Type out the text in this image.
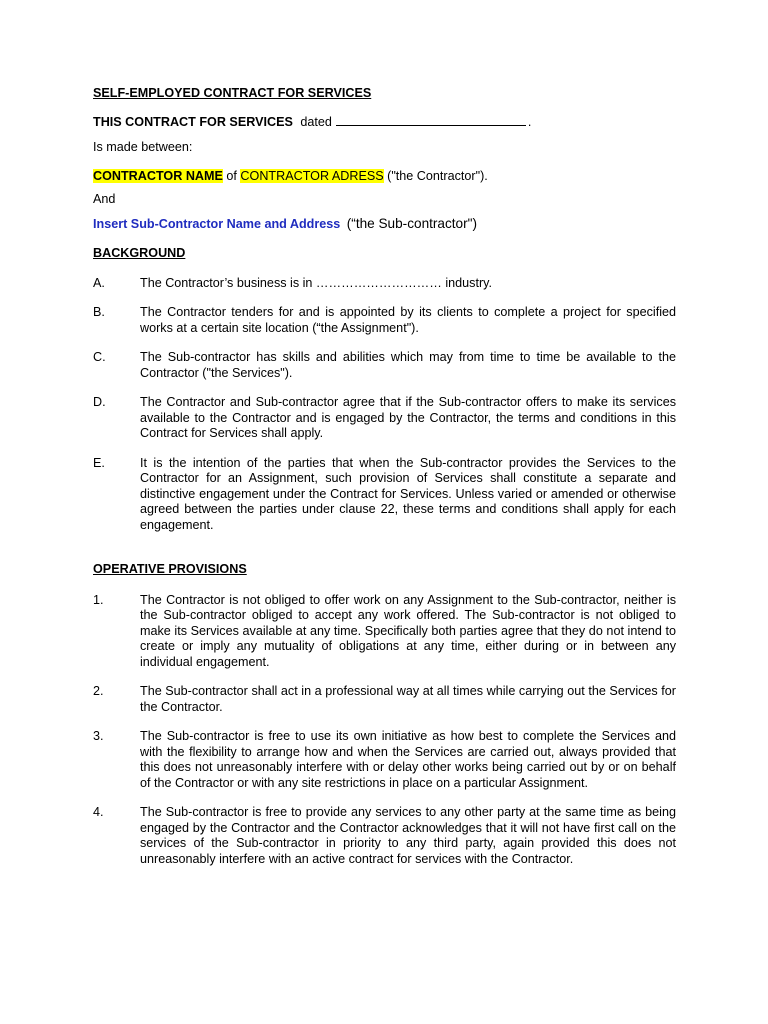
SELF-EMPLOYED CONTRACT FOR SERVICES

THIS CONTRACT FOR SERVICES dated	.

Is made between:

CONTRACTOR NAME of CONTRACTOR ADRESS ("the Contractor").

And

Insert Sub-Contractor Name and Address (“the Sub-contractor")

BACKGROUND

A.	The Contractor’s business is in ………………………… industry.
B.	The Contractor tenders for and is appointed by its clients to complete a project for specified works at a certain site location (“the Assignment").
C.	The Sub-contractor has skills and abilities which may from time to time be available to the Contractor ("the Services").
D.	The Contractor and Sub-contractor agree that if the Sub-contractor offers to make its services available to the Contractor and is engaged by the Contractor, the terms and conditions in this Contract for Services shall apply.
E.	It is the intention of the parties that when the Sub-contractor provides the Services to the Contractor for an Assignment, such provision of Services shall constitute a separate and distinctive engagement under the Contract for Services. Unless varied or amended or otherwise agreed between the parties under clause 22, these terms and conditions shall apply for each engagement.

OPERATIVE PROVISIONS

1.	The Contractor is not obliged to offer work on any Assignment to the Sub-contractor, neither is the Sub-contractor obliged to accept any work offered. The Sub-contractor is not obliged to make its Services available at any time. Specifically both parties agree that they do not intend to create or imply any mutuality of obligations at any time, either during or in between any individual engagement.
2.	The Sub-contractor shall act in a professional way at all times while carrying out the Services for the Contractor.
3.	The Sub-contractor is free to use its own initiative as how best to complete the Services and with the flexibility to arrange how and when the Services are carried out, always provided that this does not unreasonably interfere with or delay other works being carried out by or on behalf of the Contractor or with any site restrictions in place on a particular Assignment.
4.	The Sub-contractor is free to provide any services to any other party at the same time as being engaged by the Contractor and the Contractor acknowledges that it will not have first call on the services of the Sub-contractor in priority to any third party, again provided this does not unreasonably interfere with an active contract for services with the Contractor.
